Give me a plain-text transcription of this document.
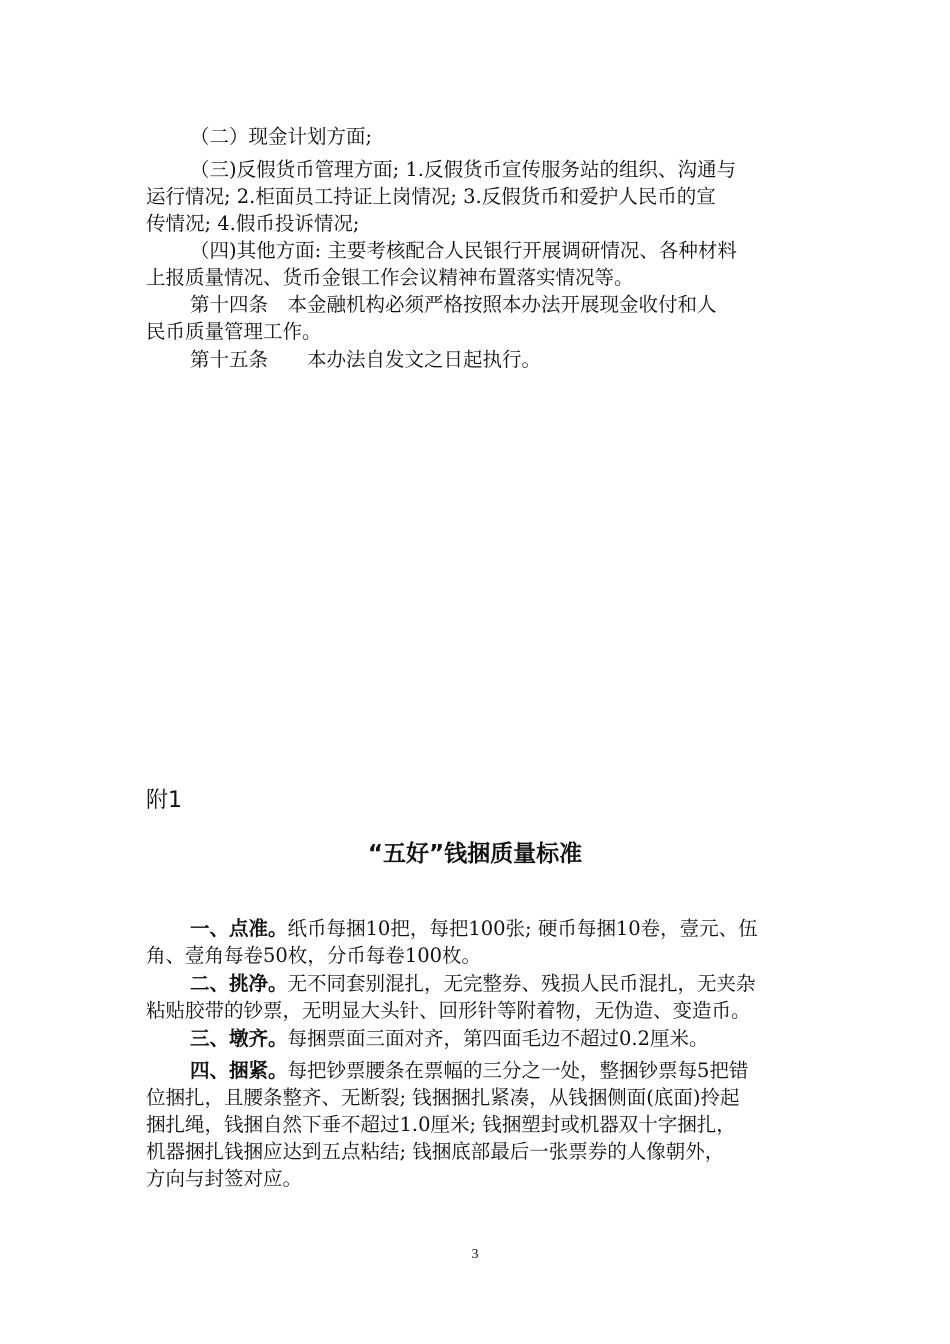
（二）现金计划方面;
（三)反假货币管理方面; 1.反假货币宣传服务站的组织、沟通与
运行情况; 2.柜面员工持证上岗情况; 3.反假货币和爱护人民币的宣
传情况; 4.假币投诉情况;
（四)其他方面: 主要考核配合人民银行开展调研情况、各种材料
上报质量情况、货币金银工作会议精神布置落实情况等。
第十四条　本金融机构必须严格按照本办法开展现金收付和人
民币质量管理工作。
第十五条　　本办法自发文之日起执行。
附1
“五好”钱捆质量标准
一、点准。纸币每捆10把，每把100张; 硬币每捆10卷，壹元、伍
角、壹角每卷50枚，分币每卷100枚。
二、挑净。无不同套别混扎，无完整券、残损人民币混扎，无夹杂
粘贴胶带的钞票，无明显大头针、回形针等附着物，无伪造、变造币。
三、墩齐。每捆票面三面对齐，第四面毛边不超过0.2厘米。
四、捆紧。每把钞票腰条在票幅的三分之一处，整捆钞票每5把错
位捆扎，且腰条整齐、无断裂; 钱捆捆扎紧凑，从钱捆侧面(底面)拎起
捆扎绳，钱捆自然下垂不超过1.0厘米; 钱捆塑封或机器双十字捆扎，
机器捆扎钱捆应达到五点粘结; 钱捆底部最后一张票券的人像朝外，
方向与封签对应。
3
